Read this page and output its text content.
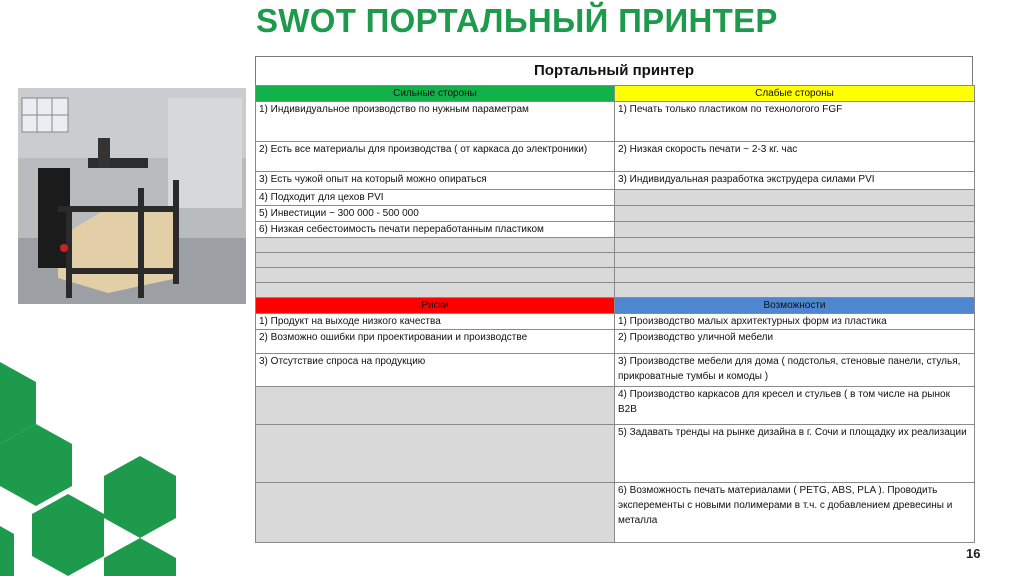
SWOT ПОРТАЛЬНЫЙ ПРИНТЕР
Портальный принтер
Сильные стороны	Слабые стороны
1) Индивидуальное производство по нужным параметрам	1) Печать только пластиком по технологого FGF
2) Есть все материалы для производства ( от каркаса до электроники)	2) Низкая скорость печати ~ 2-3 кг. час
3) Есть чужой опыт на который можно опираться	3) Индивидуальная разработка экструдера силами PVI
4) Подходит для цехов PVI	
5) Инвестиции ~ 300 000 - 500 000	
6) Низкая себестоимость печати переработанным пластиком	

Риски	Возможности
1) Продукт на выходе низкого качества	1) Производство малых архитектурных форм из пластика
2) Возможно ошибки при проектировании и производстве	2) Производство уличной мебели
3) Отсутствие спроса на продукцию	3) Производстве мебели для дома ( подстолья, стеновые панели, стулья, прикроватные тумбы и комоды )
	4) Производство каркасов для кресел и стульев ( в том числе на рынок B2B
	5) Задавать тренды на рынке дизайна в г. Сочи и площадку их реализации
	6) Возможность печать материалами ( PETG, ABS, PLA ). Проводить эксперементы с новыми полимерами в т.ч. с добавлением древесины и металла
16
